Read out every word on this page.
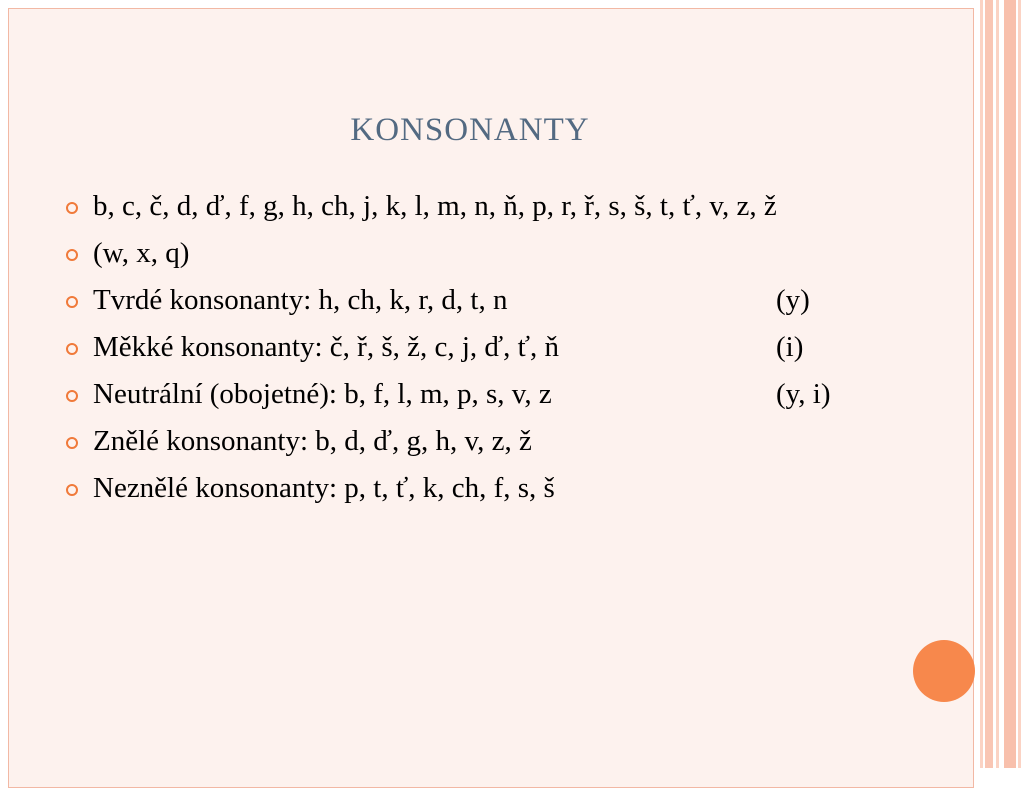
KONSONANTY
b, c, č, d, ď, f, g, h, ch, j, k, l, m, n, ň, p, r, ř, s, š, t, ť, v, z, ž
(w, x, q)
Tvrdé konsonanty: h, ch, k, r, d, t, n	(y)
Měkké konsonanty: č, ř, š, ž, c, j, ď, ť, ň	(i)
Neutrální (obojetné): b, f, l, m, p, s, v, z	(y, i)
Znělé konsonanty: b, d, ď, g, h, v, z, ž
Neznělé konsonanty: p, t, ť, k, ch, f, s, š
